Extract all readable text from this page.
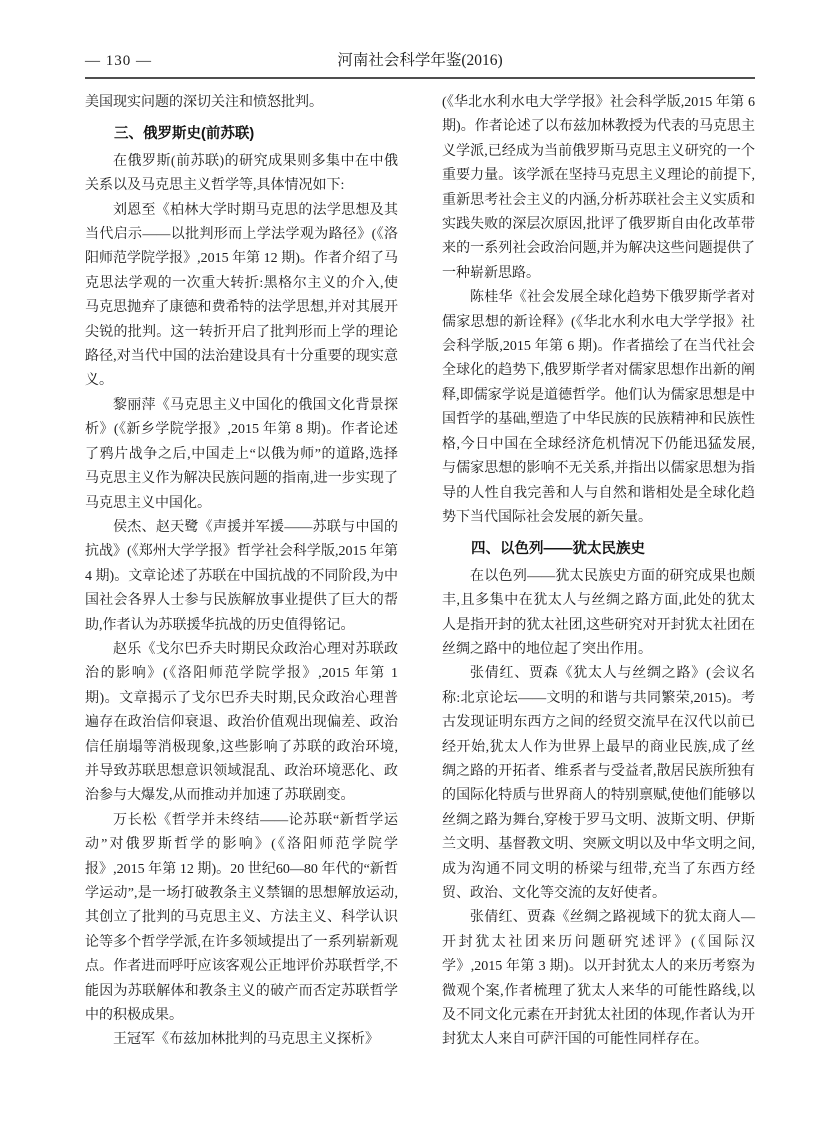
— 130 —	河南社会科学年鉴(2016)

美国现实问题的深切关注和愤怒批判。

三、俄罗斯史(前苏联)

在俄罗斯(前苏联)的研究成果则多集中在中俄关系以及马克思主义哲学等,具体情况如下:

刘恩至《柏林大学时期马克思的法学思想及其当代启示——以批判形而上学法学观为路径》(《洛阳师范学院学报》,2015 年第 12 期)。作者介绍了马克思法学观的一次重大转折:黑格尔主义的介入,使马克思抛弃了康德和费希特的法学思想,并对其展开尖锐的批判。这一转折开启了批判形而上学的理论路径,对当代中国的法治建设具有十分重要的现实意义。

黎丽萍《马克思主义中国化的俄国文化背景探析》(《新乡学院学报》,2015 年第 8 期)。作者论述了鸦片战争之后,中国走上“以俄为师”的道路,选择马克思主义作为解决民族问题的指南,进一步实现了马克思主义中国化。

侯杰、赵天鹭《声援并军援——苏联与中国的抗战》(《郑州大学学报》哲学社会科学版,2015 年第 4 期)。文章论述了苏联在中国抗战的不同阶段,为中国社会各界人士参与民族解放事业提供了巨大的帮助,作者认为苏联援华抗战的历史值得铭记。

赵乐《戈尔巴乔夫时期民众政治心理对苏联政治的影响》(《洛阳师范学院学报》,2015 年第 1 期)。文章揭示了戈尔巴乔夫时期,民众政治心理普遍存在政治信仰衰退、政治价值观出现偏差、政治信任崩塌等消极现象,这些影响了苏联的政治环境,并导致苏联思想意识领域混乱、政治环境恶化、政治参与大爆发,从而推动并加速了苏联剧变。

万长松《哲学并未终结——论苏联“新哲学运动”对俄罗斯哲学的影响》(《洛阳师范学院学报》,2015 年第 12 期)。20 世纪60—80 年代的“新哲学运动”,是一场打破教条主义禁锢的思想解放运动,其创立了批判的马克思主义、方法主义、科学认识论等多个哲学学派,在许多领域提出了一系列崭新观点。作者进而呼吁应该客观公正地评价苏联哲学,不能因为苏联解体和教条主义的破产而否定苏联哲学中的积极成果。

王冠军《布兹加林批判的马克思主义探析》

(《华北水利水电大学学报》社会科学版,2015 年第 6 期)。作者论述了以布兹加林教授为代表的马克思主义学派,已经成为当前俄罗斯马克思主义研究的一个重要力量。该学派在坚持马克思主义理论的前提下,重新思考社会主义的内涵,分析苏联社会主义实质和实践失败的深层次原因,批评了俄罗斯自由化改革带来的一系列社会政治问题,并为解决这些问题提供了一种崭新思路。

陈桂华《社会发展全球化趋势下俄罗斯学者对儒家思想的新诠释》(《华北水利水电大学学报》社会科学版,2015 年第 6 期)。作者描绘了在当代社会全球化的趋势下,俄罗斯学者对儒家思想作出新的阐释,即儒家学说是道德哲学。他们认为儒家思想是中国哲学的基础,塑造了中华民族的民族精神和民族性格,今日中国在全球经济危机情况下仍能迅猛发展,与儒家思想的影响不无关系,并指出以儒家思想为指导的人性自我完善和人与自然和谐相处是全球化趋势下当代国际社会发展的新矢量。

四、以色列——犹太民族史

在以色列——犹太民族史方面的研究成果也颇丰,且多集中在犹太人与丝绸之路方面,此处的犹太人是指开封的犹太社团,这些研究对开封犹太社团在丝绸之路中的地位起了突出作用。

张倩红、贾森《犹太人与丝绸之路》(会议名称:北京论坛——文明的和谐与共同繁荣,2015)。考古发现证明东西方之间的经贸交流早在汉代以前已经开始,犹太人作为世界上最早的商业民族,成了丝绸之路的开拓者、维系者与受益者,散居民族所独有的国际化特质与世界商人的特别禀赋,使他们能够以丝绸之路为舞台,穿梭于罗马文明、波斯文明、伊斯兰文明、基督教文明、突厥文明以及中华文明之间,成为沟通不同文明的桥梁与纽带,充当了东西方经贸、政治、文化等交流的友好使者。

张倩红、贾森《丝绸之路视域下的犹太商人—开封犹太社团来历问题研究述评》(《国际汉学》,2015 年第 3 期)。以开封犹太人的来历考察为微观个案,作者梳理了犹太人来华的可能性路线,以及不同文化元素在开封犹太社团的体现,作者认为开封犹太人来自可萨汗国的可能性同样存在。
